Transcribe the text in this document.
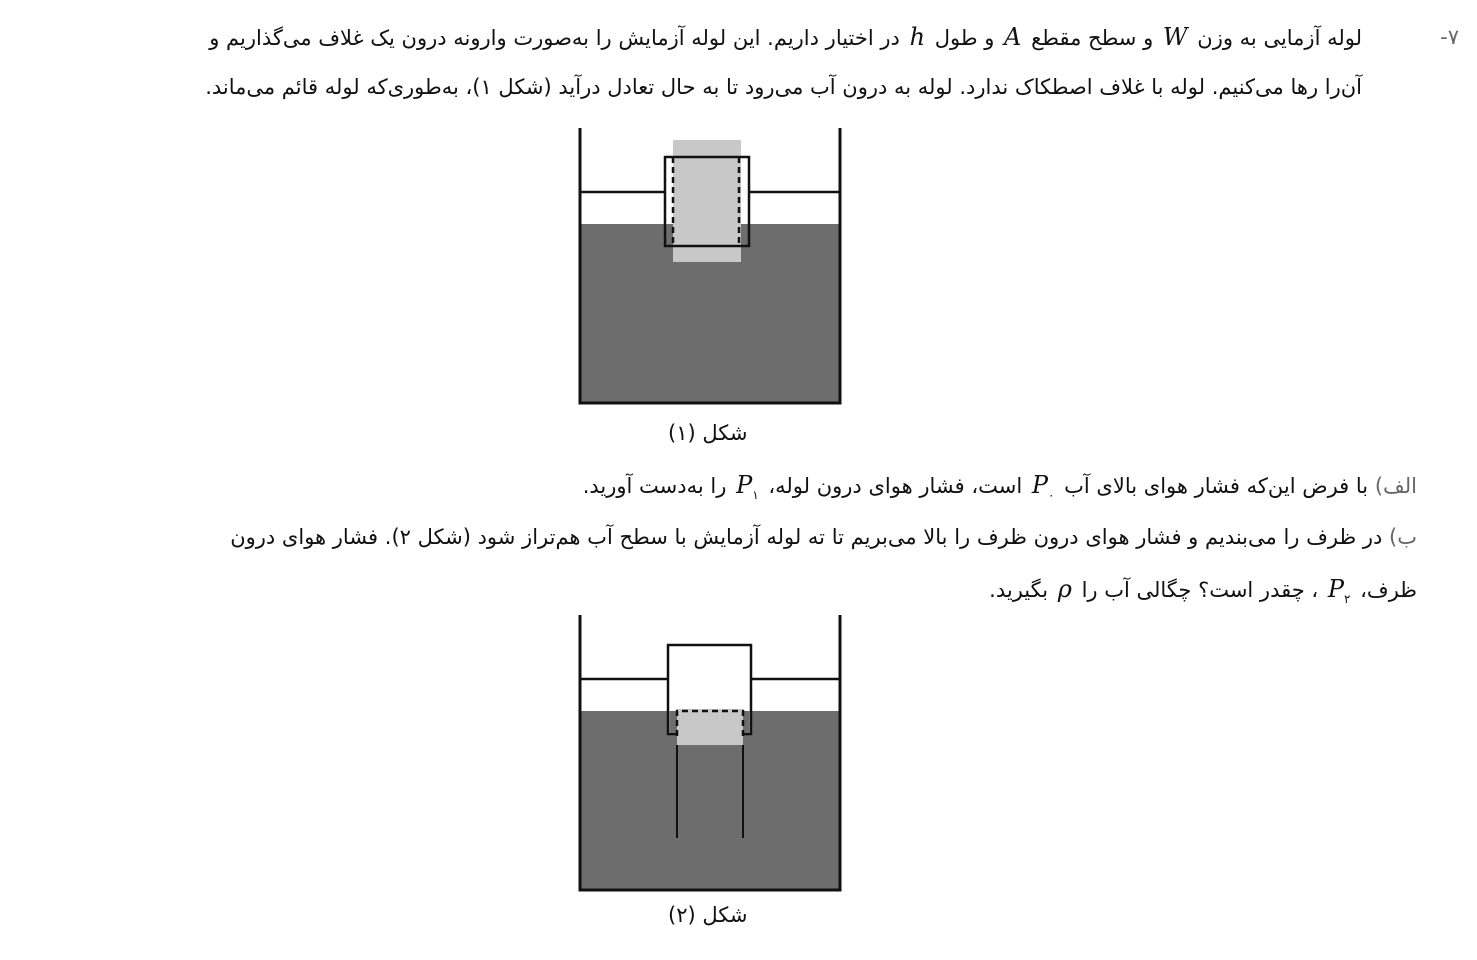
۷-
لوله آزمایی به وزن W و سطح مقطع A و طول h در اختیار داریم. این لوله آزمایش را به‌صورت وارونه درون یک غلاف می‌گذاریم و
آن‌را رها می‌کنیم. لوله با غلاف اصطکاک ندارد. لوله به درون آب می‌رود تا به حال تعادل درآید (شکل ۱)، به‌طوری‌که لوله قائم می‌ماند.
شکل (۱)
الف) با فرض این‌که فشار هوای بالای آب $P_۰$ است، فشار هوای درون لوله، $P_۱$ را به‌دست آورید.
ب) در ظرف را می‌بندیم و فشار هوای درون ظرف را بالا می‌بریم تا ته لوله آزمایش با سطح آب هم‌تراز شود (شکل ۲). فشار هوای درون
ظرف، $P_۲$ ، چقدر است؟ چگالی آب را ρ بگیرید.
شکل (۲)
